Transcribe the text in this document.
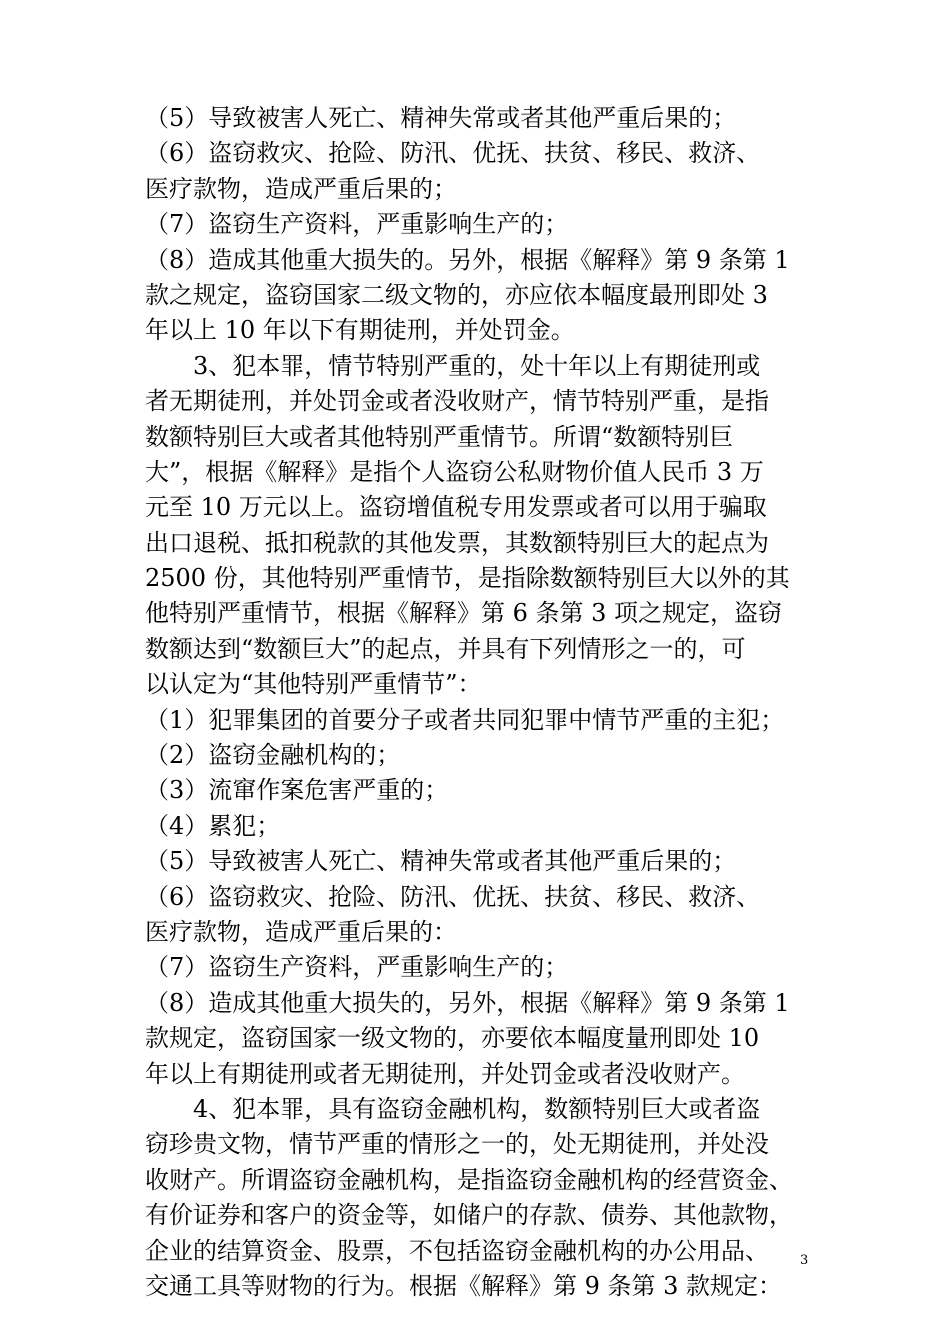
（5）导致被害人死亡、精神失常或者其他严重后果的；
（6）盗窃救灾、抢险、防汛、优抚、扶贫、移民、救济、
医疗款物，造成严重后果的；
（7）盗窃生产资料，严重影响生产的；
（8）造成其他重大损失的。另外，根据《解释》第 9 条第 1
款之规定，盗窃国家二级文物的，亦应依本幅度最刑即处 3
年以上 10 年以下有期徒刑，并处罚金。
3、犯本罪，情节特别严重的，处十年以上有期徒刑或
者无期徒刑，并处罚金或者没收财产，情节特别严重，是指
数额特别巨大或者其他特别严重情节。所谓“数额特别巨
大”，根据《解释》是指个人盗窃公私财物价值人民币 3 万
元至 10 万元以上。盗窃增值税专用发票或者可以用于骗取
出口退税、抵扣税款的其他发票，其数额特别巨大的起点为
2500 份，其他特别严重情节，是指除数额特别巨大以外的其
他特别严重情节，根据《解释》第 6 条第 3 项之规定，盗窃
数额达到“数额巨大”的起点，并具有下列情形之一的，可
以认定为“其他特别严重情节”：
（1）犯罪集团的首要分子或者共同犯罪中情节严重的主犯；
（2）盗窃金融机构的；
（3）流窜作案危害严重的；
（4）累犯；
（5）导致被害人死亡、精神失常或者其他严重后果的；
（6）盗窃救灾、抢险、防汛、优抚、扶贫、移民、救济、
医疗款物，造成严重后果的：
（7）盗窃生产资料，严重影响生产的；
（8）造成其他重大损失的，另外，根据《解释》第 9 条第 1
款规定，盗窃国家一级文物的，亦要依本幅度量刑即处 10
年以上有期徒刑或者无期徒刑，并处罚金或者没收财产。
4、犯本罪，具有盗窃金融机构，数额特别巨大或者盗
窃珍贵文物，情节严重的情形之一的，处无期徒刑，并处没
收财产。所谓盗窃金融机构，是指盗窃金融机构的经营资金、
有价证券和客户的资金等，如储户的存款、债券、其他款物，
企业的结算资金、股票，不包括盗窃金融机构的办公用品、
交通工具等财物的行为。根据《解释》第 9 条第 3 款规定：
3
